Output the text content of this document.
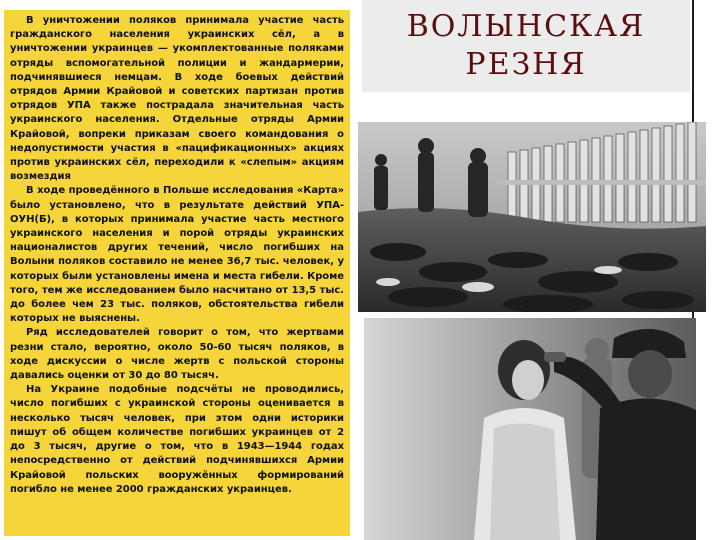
В уничтожении поляков принимала участие часть гражданского населения украинских сёл, а в уничтожении украинцев — укомплектованные поляками отряды вспомогательной полиции и жандармерии, подчинявшиеся немцам. В ходе боевых действий отрядов Армии Крайовой и советских партизан против отрядов УПА также пострадала значительная часть украинского населения. Отдельные отряды Армии Крайовой, вопреки приказам своего командования о недопустимости участия в «пацификационных» акциях против украинских сёл, переходили к «слепым» акциям возмездия

В ходе проведённого в Польше исследования «Карта» было установлено, что в результате действий УПА-ОУН(Б), в которых принимала участие часть местного украинского населения и порой отряды украинских националистов других течений, число погибших на Волыни поляков составило не менее 36,7 тыс. человек, у которых были установлены имена и места гибели. Кроме того, тем же исследованием было насчитано от 13,5 тыс. до более чем 23 тыс. поляков, обстоятельства гибели которых не выяснены.

Ряд исследователей говорит о том, что жертвами резни стало, вероятно, около 50-60 тысяч поляков, в ходе дискуссии о числе жертв с польской стороны давались оценки от 30 до 80 тысяч.

На Украине подобные подсчёты не проводились, число погибших с украинской стороны оценивается в несколько тысяч человек, при этом одни историки пишут об общем количестве погибших украинцев от 2 до 3 тысяч, другие о том, что в 1943—1944 годах непосредственно от действий подчинявшихся Армии Крайовой польских вооружённых формирований погибло не менее 2000 гражданских украинцев.

ВОЛЫНСКАЯ
РЕЗНЯ
